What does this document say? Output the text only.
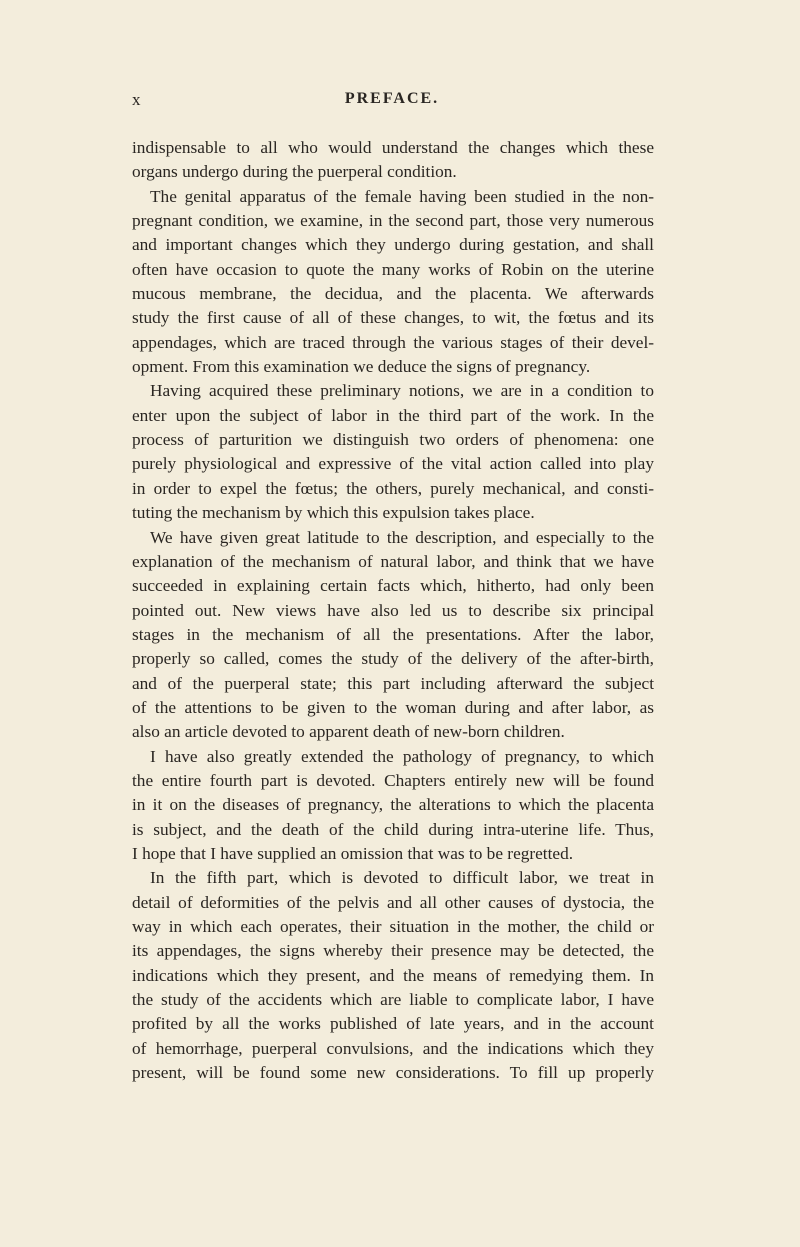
x	PREFACE.
indispensable to all who would understand the changes which these
organs undergo during the puerperal condition.
The genital apparatus of the female having been studied in the non-
pregnant condition, we examine, in the second part, those very numerous
and important changes which they undergo during gestation, and shall
often have occasion to quote the many works of Robin on the uterine
mucous membrane, the decidua, and the placenta. We afterwards
study the first cause of all of these changes, to wit, the fœtus and its
appendages, which are traced through the various stages of their devel-
opment. From this examination we deduce the signs of pregnancy.
Having acquired these preliminary notions, we are in a condition to
enter upon the subject of labor in the third part of the work. In the
process of parturition we distinguish two orders of phenomena: one
purely physiological and expressive of the vital action called into play
in order to expel the fœtus; the others, purely mechanical, and consti-
tuting the mechanism by which this expulsion takes place.
We have given great latitude to the description, and especially to the
explanation of the mechanism of natural labor, and think that we have
succeeded in explaining certain facts which, hitherto, had only been
pointed out. New views have also led us to describe six principal
stages in the mechanism of all the presentations. After the labor,
properly so called, comes the study of the delivery of the after-birth,
and of the puerperal state; this part including afterward the subject
of the attentions to be given to the woman during and after labor, as
also an article devoted to apparent death of new-born children.
I have also greatly extended the pathology of pregnancy, to which
the entire fourth part is devoted. Chapters entirely new will be found
in it on the diseases of pregnancy, the alterations to which the placenta
is subject, and the death of the child during intra-uterine life. Thus,
I hope that I have supplied an omission that was to be regretted.
In the fifth part, which is devoted to difficult labor, we treat in
detail of deformities of the pelvis and all other causes of dystocia, the
way in which each operates, their situation in the mother, the child or
its appendages, the signs whereby their presence may be detected, the
indications which they present, and the means of remedying them. In
the study of the accidents which are liable to complicate labor, I have
profited by all the works published of late years, and in the account
of hemorrhage, puerperal convulsions, and the indications which they
present, will be found some new considerations. To fill up properly
